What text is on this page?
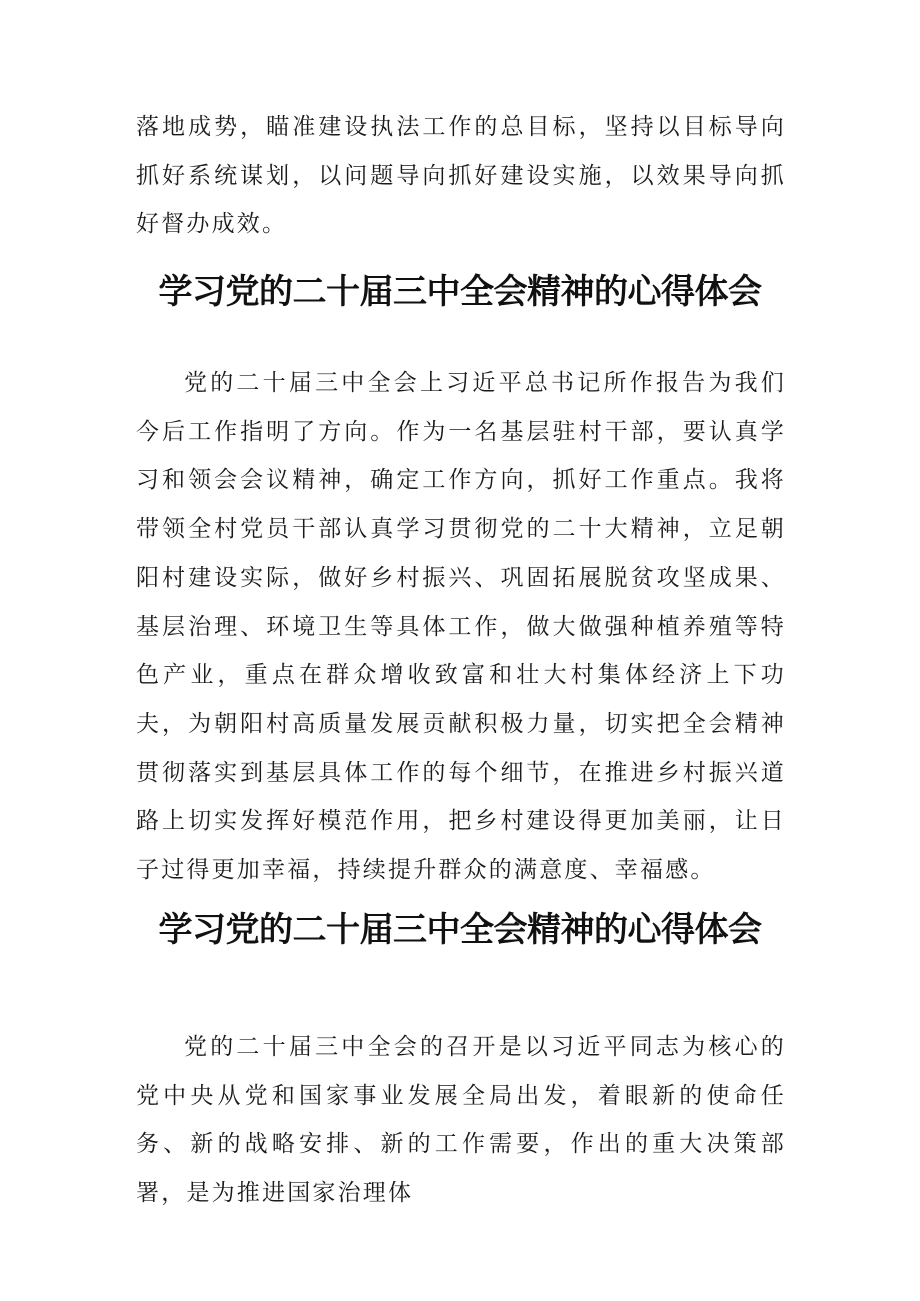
落地成势，瞄准建设执法工作的总目标，坚持以目标导向抓好系统谋划，以问题导向抓好建设实施，以效果导向抓好督办成效。

学习党的二十届三中全会精神的心得体会

党的二十届三中全会上习近平总书记所作报告为我们今后工作指明了方向。作为一名基层驻村干部，要认真学习和领会会议精神，确定工作方向，抓好工作重点。我将带领全村党员干部认真学习贯彻党的二十大精神，立足朝阳村建设实际，做好乡村振兴、巩固拓展脱贫攻坚成果、基层治理、环境卫生等具体工作，做大做强种植养殖等特色产业，重点在群众增收致富和壮大村集体经济上下功夫，为朝阳村高质量发展贡献积极力量，切实把全会精神贯彻落实到基层具体工作的每个细节，在推进乡村振兴道路上切实发挥好模范作用，把乡村建设得更加美丽，让日子过得更加幸福，持续提升群众的满意度、幸福感。

学习党的二十届三中全会精神的心得体会

党的二十届三中全会的召开是以习近平同志为核心的党中央从党和国家事业发展全局出发，着眼新的使命任务、新的战略安排、新的工作需要，作出的重大决策部署，是为推进国家治理体
